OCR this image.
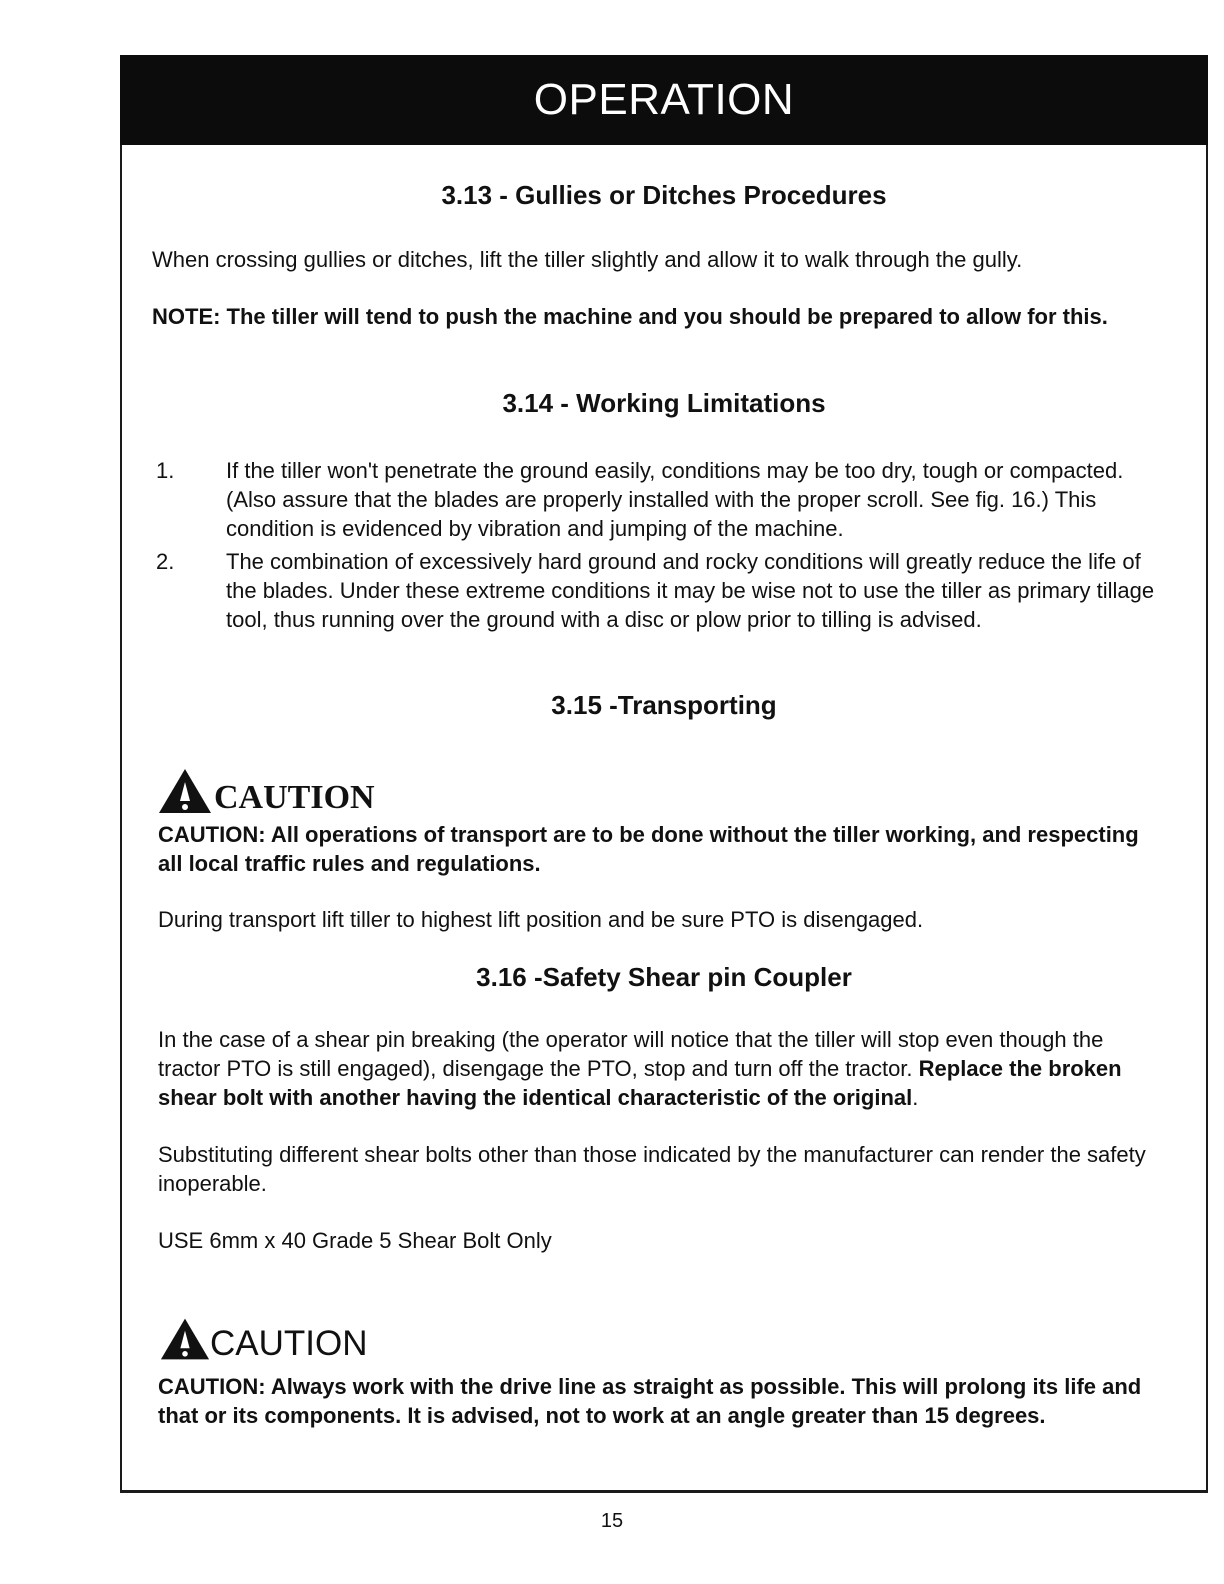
OPERATION
3.13 - Gullies or Ditches Procedures

When crossing gullies or ditches, lift the tiller slightly and allow it to walk through the gully.

NOTE: The tiller will tend to push the machine and you should be prepared to allow for this.

3.14 - Working Limitations
1. If the tiller won't penetrate the ground easily, conditions may be too dry, tough or compacted. (Also assure that the blades are properly installed with the proper scroll. See fig. 16.) This condition is evidenced by vibration and jumping of the machine.
2. The combination of excessively hard ground and rocky conditions will greatly reduce the life of the blades. Under these extreme conditions it may be wise not to use the tiller as primary tillage tool, thus running over the ground with a disc or plow prior to tilling is advised.
3.15 -Transporting
CAUTION

CAUTION: All operations of transport are to be done without the tiller working, and respecting all local traffic rules and regulations.

During transport lift tiller to highest lift position and be sure PTO is disengaged.

3.16 -Safety Shear pin Coupler

In the case of a shear pin breaking (the operator will notice that the tiller will stop even though the tractor PTO is still engaged), disengage the PTO, stop and turn off the tractor. Replace the broken shear bolt with another having the identical characteristic of the original.

Substituting different shear bolts other than those indicated by the manufacturer can render the safety inoperable.

USE 6mm x 40 Grade 5 Shear Bolt Only

CAUTION

CAUTION: Always work with the drive line as straight as possible. This will prolong its life and that or its components. It is advised, not to work at an angle greater than 15 degrees.

15
